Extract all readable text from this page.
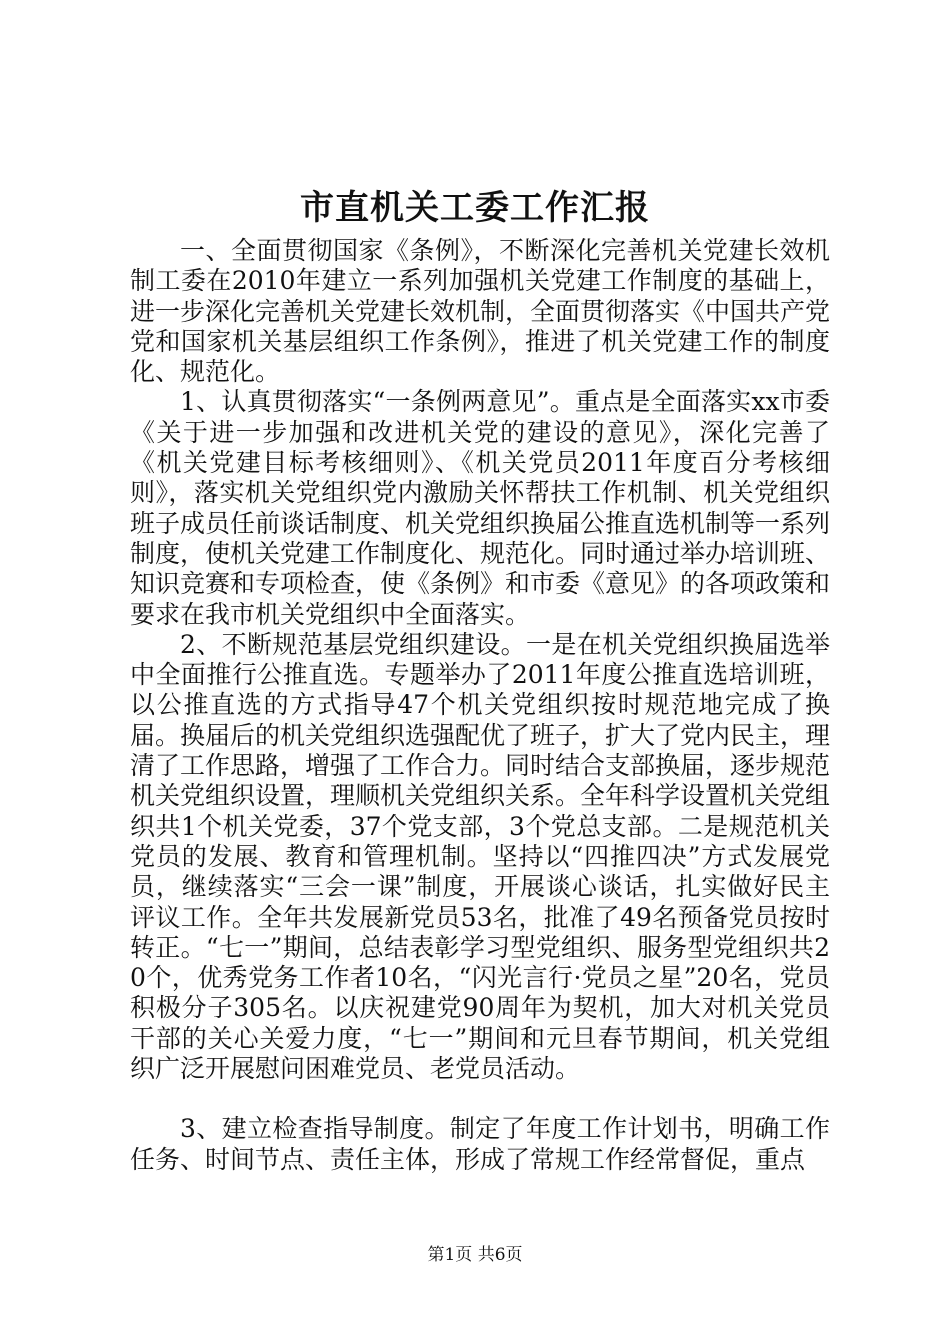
市直机关工委工作汇报

一、全面贯彻国家《条例》，不断深化完善机关党建长效机制工委在2010年建立一系列加强机关党建工作制度的基础上，进一步深化完善机关党建长效机制，全面贯彻落实《中国共产党党和国家机关基层组织工作条例》，推进了机关党建工作的制度化、规范化。

1、认真贯彻落实“一条例两意见”。重点是全面落实xx市委《关于进一步加强和改进机关党的建设的意见》，深化完善了《机关党建目标考核细则》、《机关党员2011年度百分考核细则》，落实机关党组织党内激励关怀帮扶工作机制、机关党组织班子成员任前谈话制度、机关党组织换届公推直选机制等一系列制度，使机关党建工作制度化、规范化。同时通过举办培训班、知识竞赛和专项检查，使《条例》和市委《意见》的各项政策和要求在我市机关党组织中全面落实。

2、不断规范基层党组织建设。一是在机关党组织换届选举中全面推行公推直选。专题举办了2011年度公推直选培训班，以公推直选的方式指导47个机关党组织按时规范地完成了换届。换届后的机关党组织选强配优了班子，扩大了党内民主，理清了工作思路，增强了工作合力。同时结合支部换届，逐步规范机关党组织设置，理顺机关党组织关系。全年科学设置机关党组织共1个机关党委，37个党支部，3个党总支部。二是规范机关党员的发展、教育和管理机制。坚持以“四推四决”方式发展党员，继续落实“三会一课”制度，开展谈心谈话，扎实做好民主评议工作。全年共发展新党员53名，批准了49名预备党员按时转正。“七一”期间，总结表彰学习型党组织、服务型党组织共20个，优秀党务工作者10名，“闪光言行·党员之星”20名，党员积极分子305名。以庆祝建党90周年为契机，加大对机关党员干部的关心关爱力度，“七一”期间和元旦春节期间，机关党组织广泛开展慰问困难党员、老党员活动。

3、建立检查指导制度。制定了年度工作计划书，明确工作任务、时间节点、责任主体，形成了常规工作经常督促，重点

第1页 共6页
